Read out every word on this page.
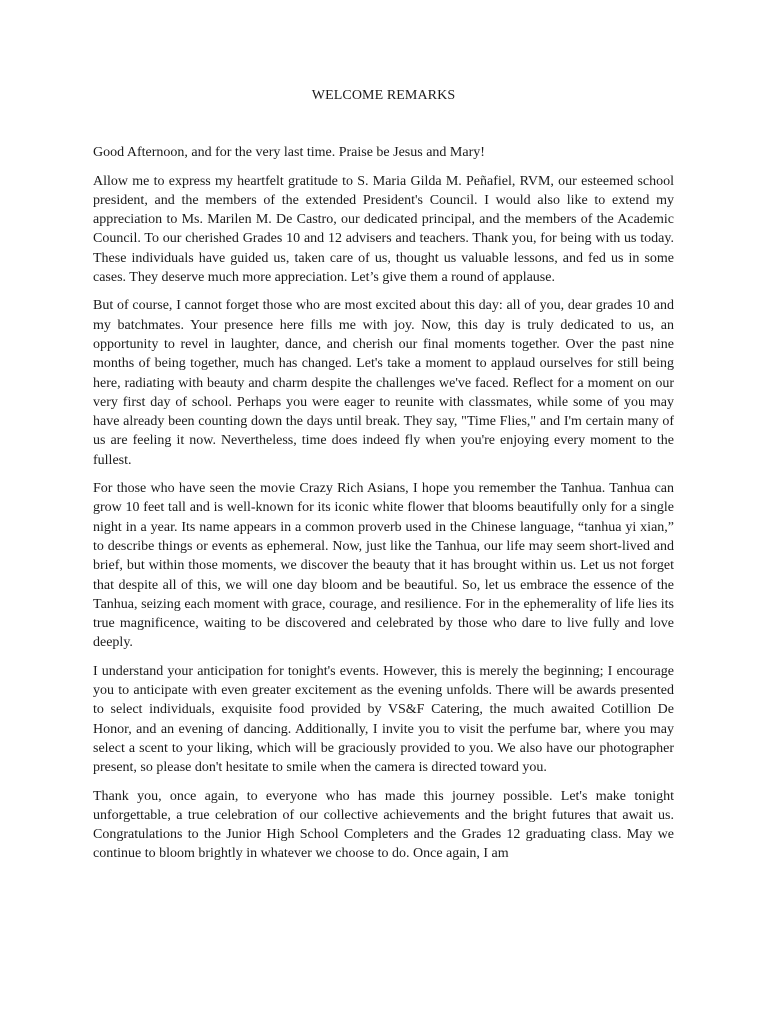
WELCOME REMARKS

Good Afternoon, and for the very last time. Praise be Jesus and Mary!

Allow me to express my heartfelt gratitude to S. Maria Gilda M. Peñafiel, RVM, our esteemed school president, and the members of the extended President's Council. I would also like to extend my appreciation to Ms. Marilen M. De Castro, our dedicated principal, and the members of the Academic Council. To our cherished Grades 10 and 12 advisers and teachers. Thank you, for being with us today. These individuals have guided us, taken care of us, thought us valuable lessons, and fed us in some cases. They deserve much more appreciation. Let’s give them a round of applause.

But of course, I cannot forget those who are most excited about this day: all of you, dear grades 10 and my batchmates. Your presence here fills me with joy. Now, this day is truly dedicated to us, an opportunity to revel in laughter, dance, and cherish our final moments together. Over the past nine months of being together, much has changed. Let's take a moment to applaud ourselves for still being here, radiating with beauty and charm despite the challenges we've faced. Reflect for a moment on our very first day of school. Perhaps you were eager to reunite with classmates, while some of you may have already been counting down the days until break. They say, "Time Flies," and I'm certain many of us are feeling it now. Nevertheless, time does indeed fly when you're enjoying every moment to the fullest.

For those who have seen the movie Crazy Rich Asians, I hope you remember the Tanhua. Tanhua can grow 10 feet tall and is well-known for its iconic white flower that blooms beautifully only for a single night in a year. Its name appears in a common proverb used in the Chinese language, “tanhua yi xian,” to describe things or events as ephemeral. Now, just like the Tanhua, our life may seem short-lived and brief, but within those moments, we discover the beauty that it has brought within us. Let us not forget that despite all of this, we will one day bloom and be beautiful. So, let us embrace the essence of the Tanhua, seizing each moment with grace, courage, and resilience. For in the ephemerality of life lies its true magnificence, waiting to be discovered and celebrated by those who dare to live fully and love deeply.

I understand your anticipation for tonight's events. However, this is merely the beginning; I encourage you to anticipate with even greater excitement as the evening unfolds. There will be awards presented to select individuals, exquisite food provided by VS&F Catering, the much awaited Cotillion De Honor, and an evening of dancing. Additionally, I invite you to visit the perfume bar, where you may select a scent to your liking, which will be graciously provided to you. We also have our photographer present, so please don't hesitate to smile when the camera is directed toward you.

Thank you, once again, to everyone who has made this journey possible. Let's make tonight unforgettable, a true celebration of our collective achievements and the bright futures that await us. Congratulations to the Junior High School Completers and the Grades 12 graduating class. May we continue to bloom brightly in whatever we choose to do. Once again, I am
